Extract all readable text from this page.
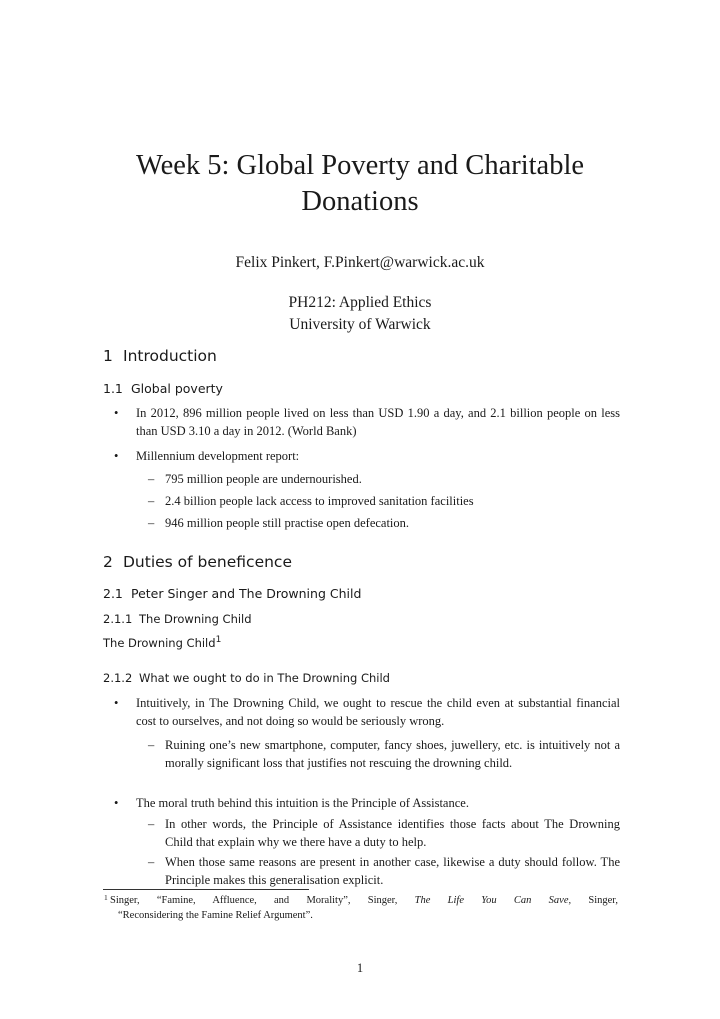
Week 5: Global Poverty and Charitable Donations
Felix Pinkert, F.Pinkert@warwick.ac.uk
PH212: Applied Ethics
University of Warwick
1 Introduction
1.1 Global poverty
• In 2012, 896 million people lived on less than USD 1.90 a day, and 2.1 billion people on less than USD 3.10 a day in 2012. (World Bank)
• Millennium development report:
– 795 million people are undernourished.
– 2.4 billion people lack access to improved sanitation facilities
– 946 million people still practise open defecation.
2 Duties of beneficence
2.1 Peter Singer and The Drowning Child
2.1.1 The Drowning Child
The Drowning Child$^1$
2.1.2 What we ought to do in The Drowning Child
• Intuitively, in The Drowning Child, we ought to rescue the child even at substantial financial cost to ourselves, and not doing so would be seriously wrong.
– Ruining one’s new smartphone, computer, fancy shoes, juwellery, etc. is intuitively not a morally significant loss that justifies not rescuing the drowning child.
• The moral truth behind this intuition is the Principle of Assistance.
– In other words, the Principle of Assistance identifies those facts about The Drowning Child that explain why we there have a duty to help.
– When those same reasons are present in another case, likewise a duty should follow. The Principle makes this generalisation explicit.
1 Singer, “Famine, Affluence, and Morality”, Singer, The Life You Can Save, Singer,
“Reconsidering the Famine Relief Argument”.
1
